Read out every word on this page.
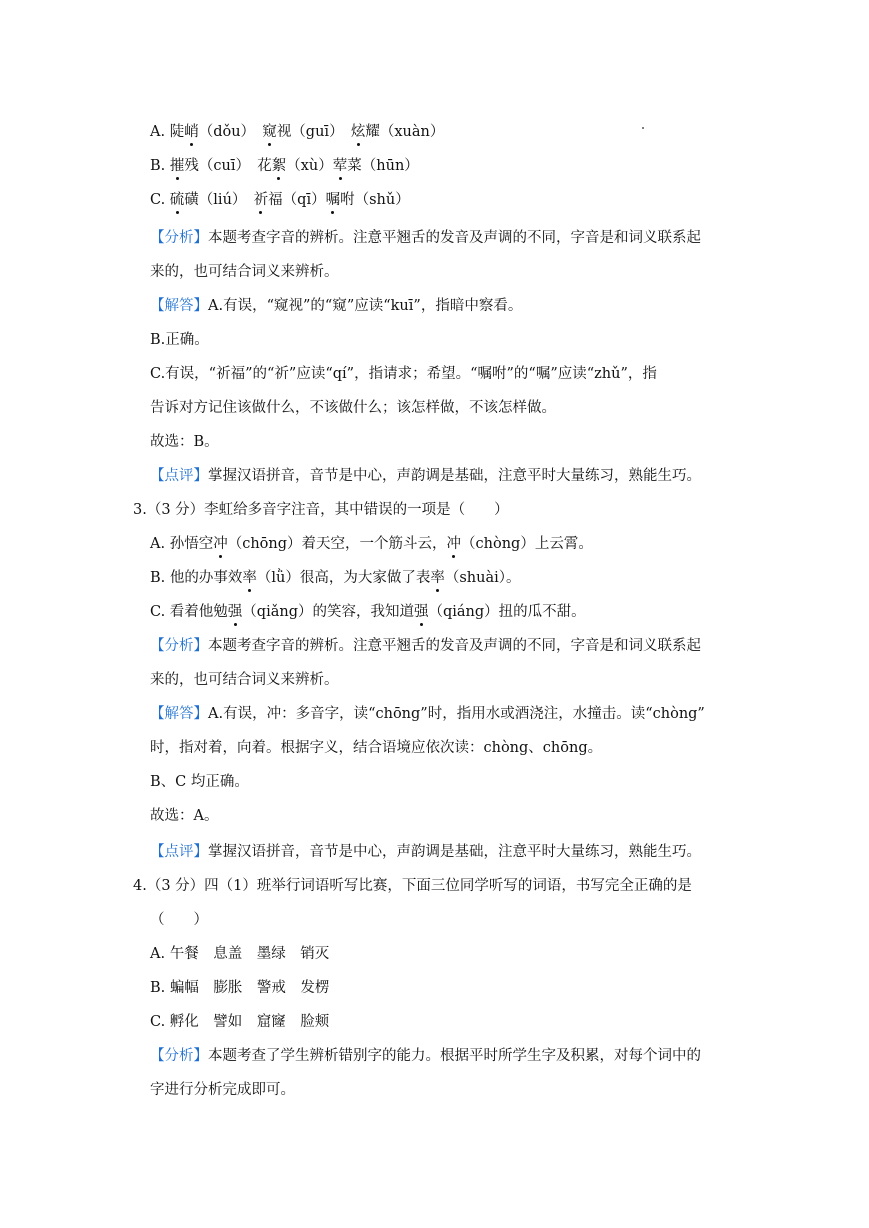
A. 陡峭（dǒu）　窥视（guī）　炫耀（xuàn）
B. 摧残（cuī）　花絮（xù）荤菜（hūn）
C. 硫磺（liú）　祈福（qī）嘱咐（shǔ）
【分析】本题考查字音的辨析。注意平翘舌的发音及声调的不同，字音是和词义联系起
来的，也可结合词义来辨析。
【解答】A.有误，“窥视”的“窥”应读“kuī”，指暗中察看。
B.正确。
C.有误，“祈福”的“祈”应读“qí”，指请求；希望。“嘱咐”的“嘱”应读“zhǔ”，指
告诉对方记住该做什么，不该做什么；该怎样做，不该怎样做。
故选：B。
【点评】掌握汉语拼音，音节是中心，声韵调是基础，注意平时大量练习，熟能生巧。
3.（3 分）李虹给多音字注音，其中错误的一项是（　　）
A. 孙悟空冲（chōng）着天空，一个筋斗云，冲（chòng）上云霄。
B. 他的办事效率（lǜ）很高，为大家做了表率（shuài）。
C. 看着他勉强（qiǎng）的笑容，我知道强（qiáng）扭的瓜不甜。
【分析】本题考查字音的辨析。注意平翘舌的发音及声调的不同，字音是和词义联系起
来的，也可结合词义来辨析。
【解答】A.有误，冲：多音字，读“chōng”时，指用水或酒浇注，水撞击。读“chòng”
时，指对着，向着。根据字义，结合语境应依次读：chòng、chōng。
B、C 均正确。
故选：A。
【点评】掌握汉语拼音，音节是中心，声韵调是基础，注意平时大量练习，熟能生巧。
4.（3 分）四（1）班举行词语听写比赛，下面三位同学听写的词语，书写完全正确的是
（　　）
A. 午餐　息盖　墨绿　销灭
B. 蝙幅　膨胀　警戒　发楞
C. 孵化　譬如　窟窿　脸颊
【分析】本题考查了学生辨析错别字的能力。根据平时所学生字及积累，对每个词中的
字进行分析完成即可。
